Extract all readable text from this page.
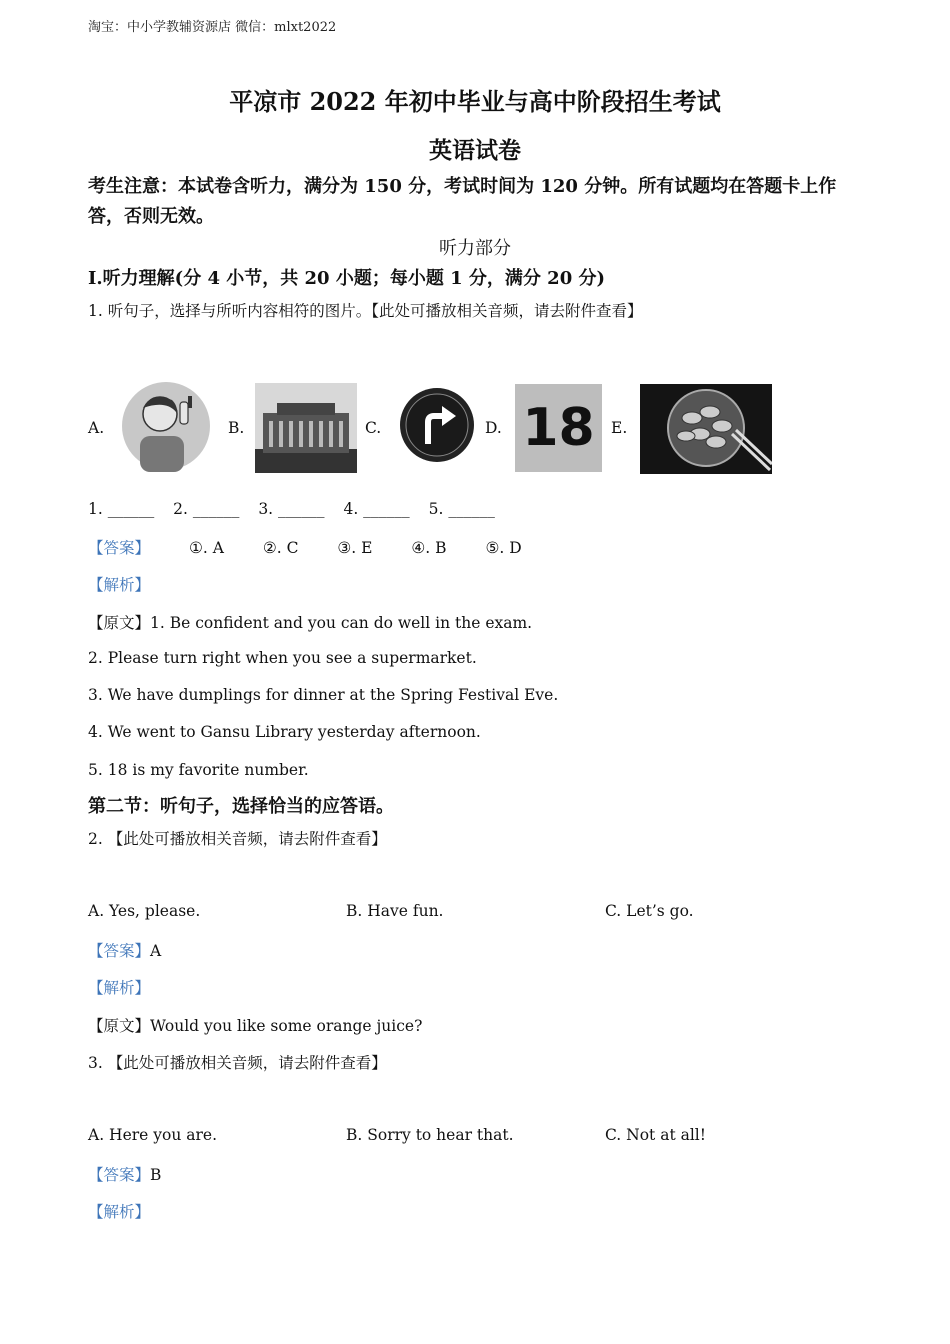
淘宝：中小学教辅资源店 微信：mlxt2022
平凉市 2022 年初中毕业与高中阶段招生考试
英语试卷
考生注意：本试卷含听力，满分为 150 分，考试时间为 120 分钟。所有试题均在答题卡上作答，否则无效。
听力部分
I.听力理解(分 4 小节，共 20 小题；每小题 1 分，满分 20 分)
1. 听句子，选择与所听内容相符的图片。【此处可播放相关音频，请去附件查看】
A.	B.	C.	D. 18	E.
1. ______ 2. ______ 3. ______ 4. ______ 5. ______
【答案】	①. A	②. C	③. E	④. B	⑤. D
【解析】
【原文】1. Be confident and you can do well in the exam.
2. Please turn right when you see a supermarket.
3. We have dumplings for dinner at the Spring Festival Eve.
4. We went to Gansu Library yesterday afternoon.
5. 18 is my favorite number.
第二节：听句子，选择恰当的应答语。
2. 【此处可播放相关音频，请去附件查看】
A. Yes, please.	B. Have fun.	C. Let’s go.
【答案】A
【解析】
【原文】Would you like some orange juice?
3. 【此处可播放相关音频，请去附件查看】
A. Here you are.	B. Sorry to hear that.	C. Not at all!
【答案】B
【解析】
